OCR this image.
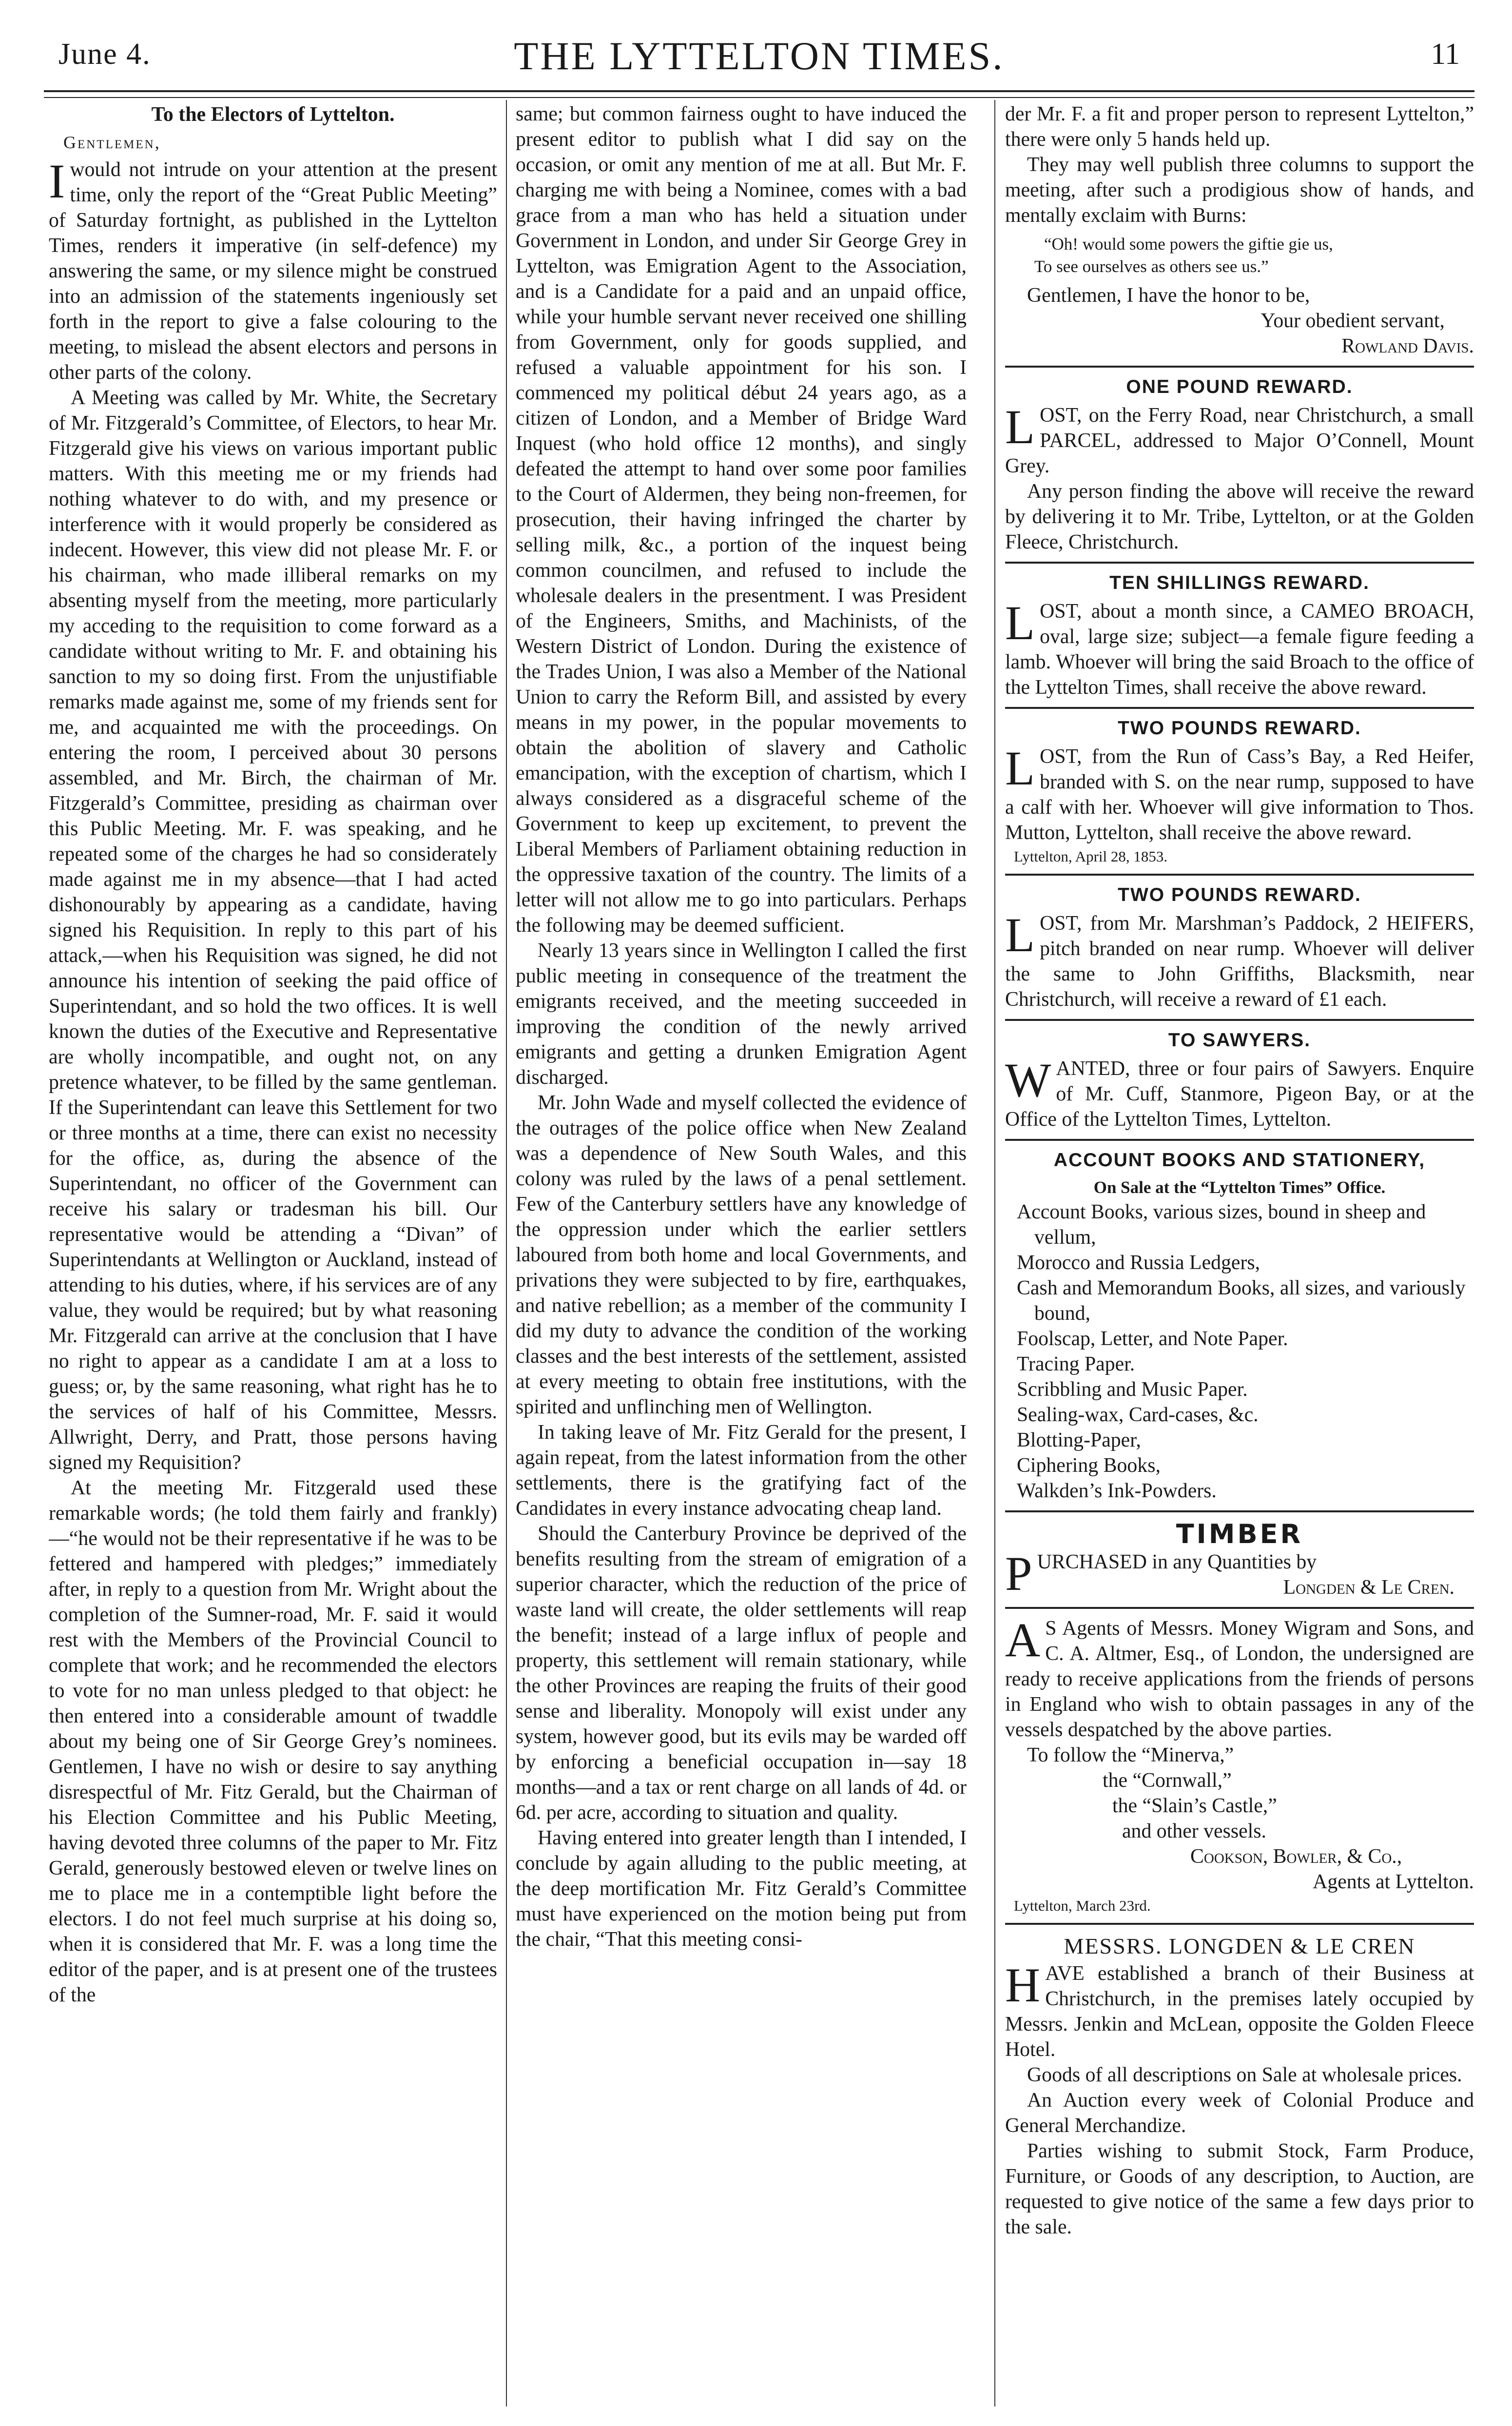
June 4.	THE LYTTELTON TIMES.	11
To the Electors of Lyttelton.
Gentlemen,

Iwould not intrude on your attention at the present time, only the report of the “Great Public Meeting” of Saturday fortnight, as published in the Lyttelton Times, renders it imperative (in self-defence) my answering the same, or my silence might be construed into an admission of the statements ingeniously set forth in the report to give a false colouring to the meeting, to mislead the absent electors and persons in other parts of the colony.

A Meeting was called by Mr. White, the Secretary of Mr. Fitzgerald’s Committee, of Electors, to hear Mr. Fitzgerald give his views on various important public matters. With this meeting me or my friends had nothing whatever to do with, and my presence or interference with it would properly be considered as indecent. However, this view did not please Mr. F. or his chairman, who made illiberal remarks on my absenting myself from the meeting, more particularly my acceding to the requisition to come forward as a candidate without writing to Mr. F. and obtaining his sanction to my so doing first. From the unjustifiable remarks made against me, some of my friends sent for me, and acquainted me with the proceedings. On entering the room, I perceived about 30 persons assembled, and Mr. Birch, the chairman of Mr. Fitzgerald’s Committee, presiding as chairman over this Public Meeting. Mr. F. was speaking, and he repeated some of the charges he had so considerately made against me in my absence—that I had acted dishonourably by appearing as a candidate, having signed his Requisition. In reply to this part of his attack,—when his Requisition was signed, he did not announce his intention of seeking the paid office of Superintendant, and so hold the two offices. It is well known the duties of the Executive and Representative are wholly incompatible, and ought not, on any pretence whatever, to be filled by the same gentleman. If the Superintendant can leave this Settlement for two or three months at a time, there can exist no necessity for the office, as, during the absence of the Superintendant, no officer of the Government can receive his salary or tradesman his bill. Our representative would be attending a “Divan” of Superintendants at Wellington or Auckland, instead of attending to his duties, where, if his services are of any value, they would be required; but by what reasoning Mr. Fitzgerald can arrive at the conclusion that I have no right to appear as a candidate I am at a loss to guess; or, by the same reasoning, what right has he to the services of half of his Committee, Messrs. Allwright, Derry, and Pratt, those persons having signed my Requisition?

At the meeting Mr. Fitzgerald used these remarkable words; (he told them fairly and frankly)—“he would not be their representative if he was to be fettered and hampered with pledges;” immediately after, in reply to a question from Mr. Wright about the completion of the Sumner-road, Mr. F. said it would rest with the Members of the Provincial Council to complete that work; and he recommended the electors to vote for no man unless pledged to that object: he then entered into a considerable amount of twaddle about my being one of Sir George Grey’s nominees. Gentlemen, I have no wish or desire to say anything disrespectful of Mr. Fitz Gerald, but the Chairman of his Election Committee and his Public Meeting, having devoted three columns of the paper to Mr. Fitz Gerald, generously bestowed eleven or twelve lines on me to place me in a contemptible light before the electors. I do not feel much surprise at his doing so, when it is considered that Mr. F. was a long time the editor of the paper, and is at present one of the trustees of the

same; but common fairness ought to have induced the present editor to publish what I did say on the occasion, or omit any mention of me at all. But Mr. F. charging me with being a Nominee, comes with a bad grace from a man who has held a situation under Government in London, and under Sir George Grey in Lyttelton, was Emigration Agent to the Association, and is a Candidate for a paid and an unpaid office, while your humble servant never received one shilling from Government, only for goods supplied, and refused a valuable appointment for his son. I commenced my political début 24 years ago, as a citizen of London, and a Member of Bridge Ward Inquest (who hold office 12 months), and singly defeated the attempt to hand over some poor families to the Court of Aldermen, they being non-freemen, for prosecution, their having infringed the charter by selling milk, &c., a portion of the inquest being common councilmen, and refused to include the wholesale dealers in the presentment. I was President of the Engineers, Smiths, and Machinists, of the Western District of London. During the existence of the Trades Union, I was also a Member of the National Union to carry the Reform Bill, and assisted by every means in my power, in the popular movements to obtain the abolition of slavery and Catholic emancipation, with the exception of chartism, which I always considered as a disgraceful scheme of the Government to keep up excitement, to prevent the Liberal Members of Parliament obtaining reduction in the oppressive taxation of the country. The limits of a letter will not allow me to go into particulars. Perhaps the following may be deemed sufficient.

Nearly 13 years since in Wellington I called the first public meeting in consequence of the treatment the emigrants received, and the meeting succeeded in improving the condition of the newly arrived emigrants and getting a drunken Emigration Agent discharged.

Mr. John Wade and myself collected the evidence of the outrages of the police office when New Zealand was a dependence of New South Wales, and this colony was ruled by the laws of a penal settlement. Few of the Canterbury settlers have any knowledge of the oppression under which the earlier settlers laboured from both home and local Governments, and privations they were subjected to by fire, earthquakes, and native rebellion; as a member of the community I did my duty to advance the condition of the working classes and the best interests of the settlement, assisted at every meeting to obtain free institutions, with the spirited and unflinching men of Wellington.

In taking leave of Mr. Fitz Gerald for the present, I again repeat, from the latest information from the other settlements, there is the gratifying fact of the Candidates in every instance advocating cheap land.

Should the Canterbury Province be deprived of the benefits resulting from the stream of emigration of a superior character, which the reduction of the price of waste land will create, the older settlements will reap the benefit; instead of a large influx of people and property, this settlement will remain stationary, while the other Provinces are reaping the fruits of their good sense and liberality. Monopoly will exist under any system, however good, but its evils may be warded off by enforcing a beneficial occupation in—say 18 months—and a tax or rent charge on all lands of 4d. or 6d. per acre, according to situation and quality.

Having entered into greater length than I intended, I conclude by again alluding to the public meeting, at the deep mortification Mr. Fitz Gerald’s Committee must have experienced on the motion being put from the chair, “That this meeting consi-

der Mr. F. a fit and proper person to represent Lyttelton,” there were only 5 hands held up.

They may well publish three columns to support the meeting, after such a prodigious show of hands, and mentally exclaim with Burns:

“Oh! would some powers the giftie gie us,
To see ourselves as others see us.”

Gentlemen, I have the honor to be,

Your obedient servant,

Rowland Davis.

ONE POUND REWARD.

LOST, on the Ferry Road, near Christchurch, a small PARCEL, addressed to Major O’Connell, Mount Grey.

Any person finding the above will receive the reward by delivering it to Mr. Tribe, Lyttelton, or at the Golden Fleece, Christchurch.

TEN SHILLINGS REWARD.

LOST, about a month since, a CAMEO BROACH, oval, large size; subject—a female figure feeding a lamb. Whoever will bring the said Broach to the office of the Lyttelton Times, shall receive the above reward.

TWO POUNDS REWARD.

LOST, from the Run of Cass’s Bay, a Red Heifer, branded with S. on the near rump, supposed to have a calf with her. Whoever will give information to Thos. Mutton, Lyttelton, shall receive the above reward.

Lyttelton, April 28, 1853.

TWO POUNDS REWARD.

LOST, from Mr. Marshman’s Paddock, 2 HEIFERS, pitch branded on near rump. Whoever will deliver the same to John Griffiths, Blacksmith, near Christchurch, will receive a reward of £1 each.

TO SAWYERS.

WANTED, three or four pairs of Sawyers. Enquire of Mr. Cuff, Stanmore, Pigeon Bay, or at the Office of the Lyttelton Times, Lyttelton.

ACCOUNT BOOKS AND STATIONERY,
On Sale at the “Lyttelton Times” Office.

Account Books, various sizes, bound in sheep and vellum,

Morocco and Russia Ledgers,

Cash and Memorandum Books, all sizes, and variously bound,

Foolscap, Letter, and Note Paper.

Tracing Paper.

Scribbling and Music Paper.

Sealing-wax, Card-cases, &c.

Blotting-Paper,

Ciphering Books,

Walkden’s Ink-Powders.

TIMBER

PURCHASED in any Quantities by

Longden & Le Cren.

A S Agents of Messrs. Money Wigram and Sons, and C. A. Altmer, Esq., of London, the undersigned are ready to receive applications from the friends of persons in England who wish to obtain passages in any of the vessels despatched by the above parties.

To follow the “Minerva,”

the “Cornwall,”

the “Slain’s Castle,”

and other vessels.

Cookson, Bowler, & Co.,

Agents at Lyttelton.

Lyttelton, March 23rd.

MESSRS. LONGDEN & LE CREN

HAVE established a branch of their Business at Christchurch, in the premises lately occupied by Messrs. Jenkin and McLean, opposite the Golden Fleece Hotel.

Goods of all descriptions on Sale at wholesale prices.

An Auction every week of Colonial Produce and General Merchandize.

Parties wishing to submit Stock, Farm Produce, Furniture, or Goods of any description, to Auction, are requested to give notice of the same a few days prior to the sale.
